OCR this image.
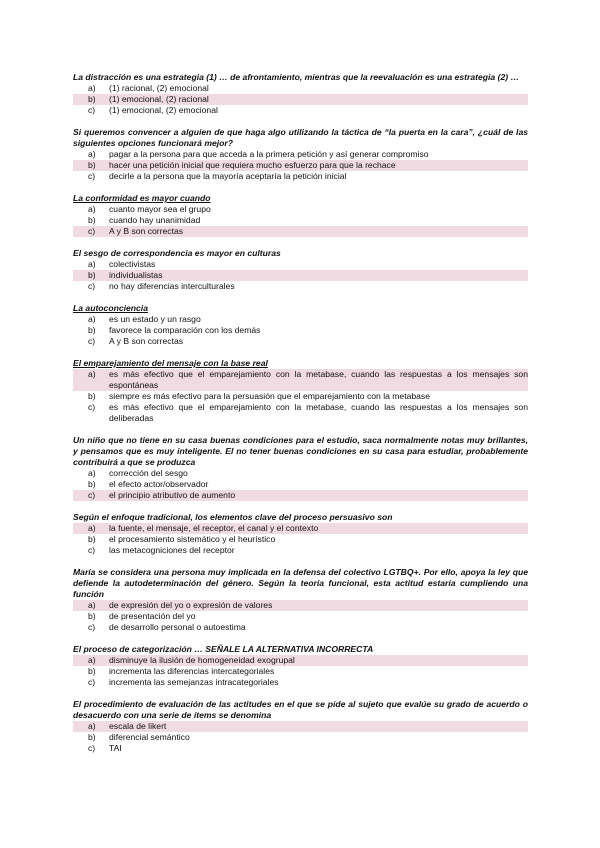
La distracción es una estrategia (1) … de afrontamiento, mientras que la reevaluación es una estrategia (2) …

a) (1) racional, (2) emocional
b) (1) emocional, (2) racional
c) (1) emocional, (2) emocional

Si queremos convencer a alguien de que haga algo utilizando la táctica de “la puerta en la cara”, ¿cuál de las siguientes opciones funcionará mejor?

a) pagar a la persona para que acceda a la primera petición y así generar compromiso
b) hacer una petición inicial que requiera mucho esfuerzo para que la rechace
c) decirle a la persona que la mayoría aceptaría la petición inicial

La conformidad es mayor cuando

a) cuanto mayor sea el grupo
b) cuando hay unanimidad
c) A y B son correctas

El sesgo de correspondencia es mayor en culturas

a) colectivistas
b) individualistas
c) no hay diferencias interculturales

La autoconciencia

a) es un estado y un rasgo
b) favorece la comparación con los demás
c) A y B son correctas

El emparejamiento del mensaje con la base real

a) es más efectivo que el emparejamiento con la metabase, cuando las respuestas a los mensajes son espontáneas
b) siempre es más efectivo para la persuasión que el emparejamiento con la metabase
c) es más efectivo que el emparejamiento con la metabase, cuando las respuestas a los mensajes son deliberadas

Un niño que no tiene en su casa buenas condiciones para el estudio, saca normalmente notas muy brillantes, y pensamos que es muy inteligente. El no tener buenas condiciones en su casa para estudiar, probablemente contribuirá a que se produzca

a) corrección del sesgo
b) el efecto actor/observador
c) el principio atributivo de aumento

Según el enfoque tradicional, los elementos clave del proceso persuasivo son

a) la fuente, el mensaje, el receptor, el canal y el contexto
b) el procesamiento sistemático y el heurístico
c) las metacogniciones del receptor

María se considera una persona muy implicada en la defensa del colectivo LGTBQ+. Por ello, apoya la ley que defiende la autodeterminación del género. Según la teoría funcional, esta actitud estaría cumpliendo una función

a) de expresión del yo o expresión de valores
b) de presentación del yo
c) de desarrollo personal o autoestima

El proceso de categorización … SEÑALE LA ALTERNATIVA INCORRECTA

a) disminuye la ilusión de homogeneidad exogrupal
b) incrementa las diferencias intercategoriales
c) incrementa las semejanzas intracategoriales

El procedimiento de evaluación de las actitudes en el que se pide al sujeto que evalúe su grado de acuerdo o desacuerdo con una serie de ítems se denomina

a) escala de likert
b) diferencial semántico
c) TAI
